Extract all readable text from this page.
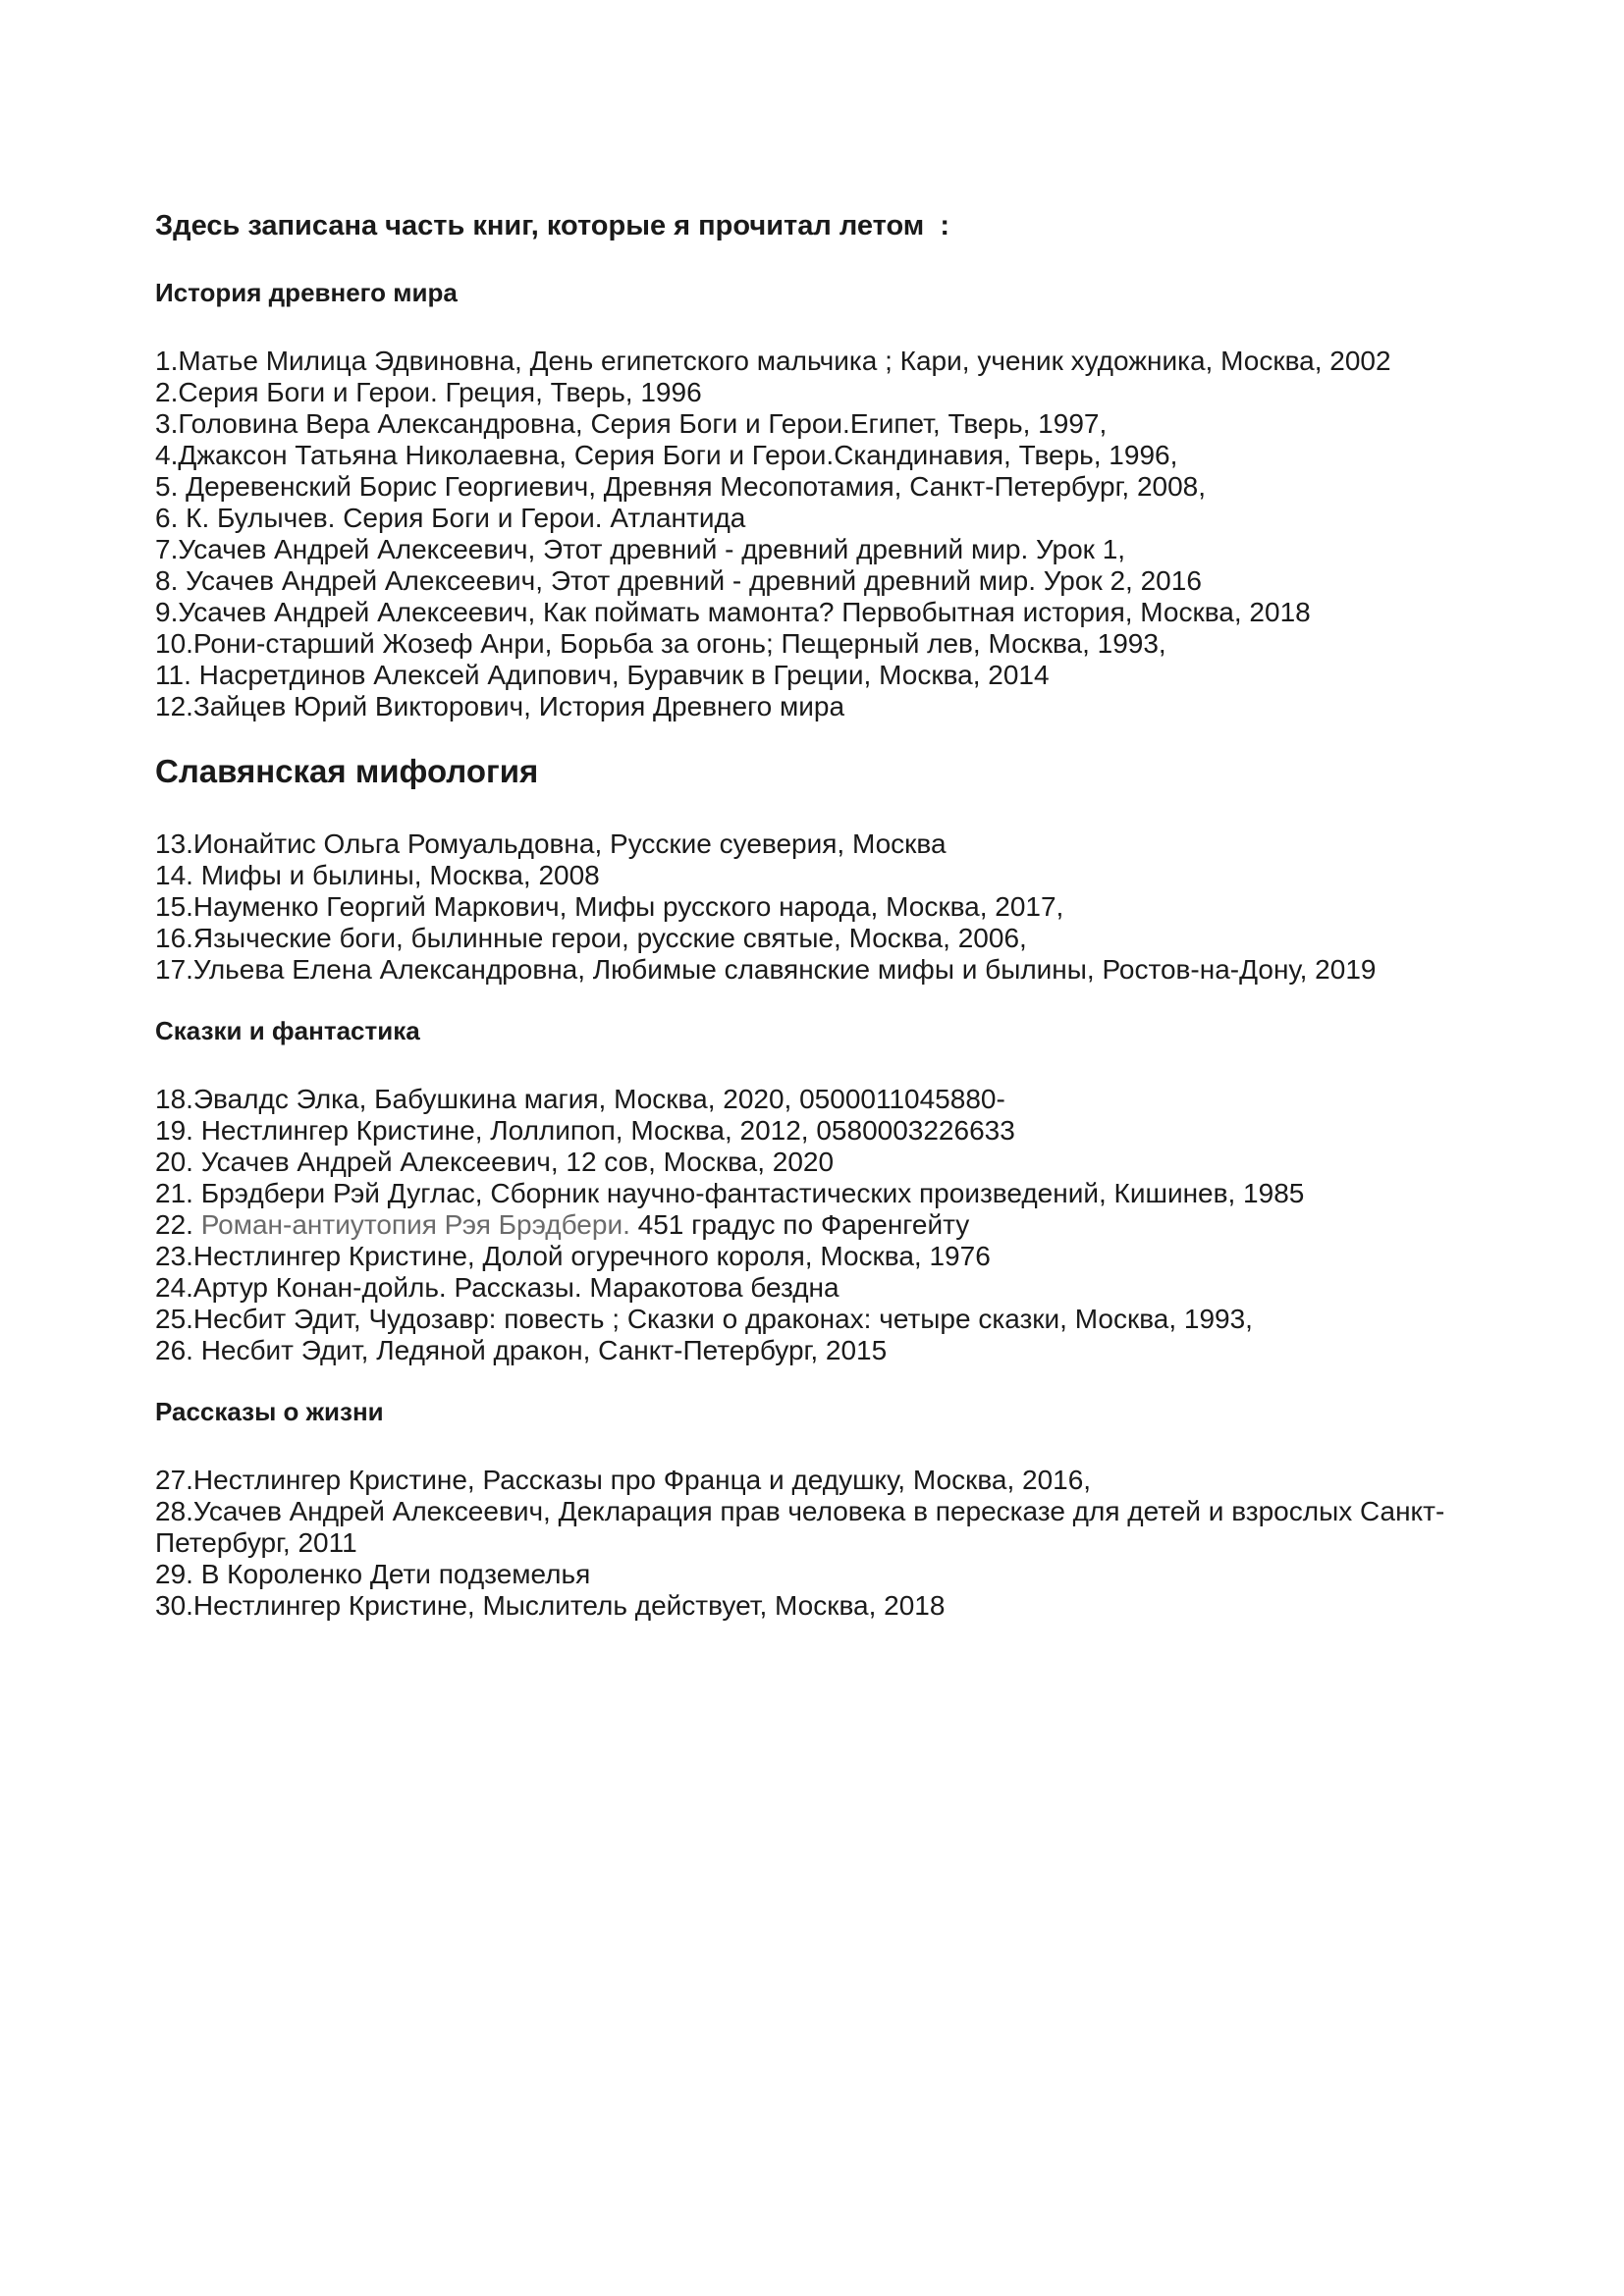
Здесь записана часть книг, которые я прочитал летом  :
История древнего мира
1.Матье Милица Эдвиновна, День египетского мальчика ; Кари, ученик художника, Москва, 2002
2.Серия Боги и Герои. Греция, Тверь, 1996
3.Головина Вера Александровна, Серия Боги и Герои.Египет, Тверь, 1997,
4.Джаксон Татьяна Николаевна, Серия Боги и Герои.Скандинавия, Тверь, 1996,
5. Деревенский Борис Георгиевич, Древняя Месопотамия, Санкт-Петербург, 2008,
6. К. Булычев. Серия Боги и Герои. Атлантида
7.Усачев Андрей Алексеевич, Этот древний - древний древний мир. Урок 1,
8. Усачев Андрей Алексеевич, Этот древний - древний древний мир. Урок 2, 2016
9.Усачев Андрей Алексеевич, Как поймать мамонта? Первобытная история, Москва, 2018
10.Рони-старший Жозеф Анри, Борьба за огонь; Пещерный лев, Москва, 1993,
11. Насретдинов Алексей Адипович, Буравчик в Греции, Москва, 2014
12.Зайцев Юрий Викторович, История Древнего мира
Славянская мифология
13.Ионайтис Ольга Ромуальдовна, Русские суеверия, Москва
14. Мифы и былины, Москва, 2008
15.Науменко Георгий Маркович, Мифы русского народа, Москва, 2017,
16.Языческие боги, былинные герои, русские святые, Москва, 2006,
17.Ульева Елена Александровна, Любимые славянские мифы и былины, Ростов-на-Дону, 2019
Сказки и фантастика
18.Эвалдс Элка, Бабушкина магия, Москва, 2020, 0500011045880-
19. Нестлингер Кристине, Лоллипоп, Москва, 2012, 0580003226633
20. Усачев Андрей Алексеевич, 12 сов, Москва, 2020
21. Брэдбери Рэй Дуглас, Сборник научно-фантастических произведений, Кишинев, 1985
22. Роман-антиутопия Рэя Брэдбери. 451 градус по Фаренгейту
23.Нестлингер Кристине, Долой огуречного короля, Москва, 1976
24.Артур Конан-дойль. Рассказы. Маракотова бездна
25.Несбит Эдит, Чудозавр: повесть ; Сказки о драконах: четыре сказки, Москва, 1993,
26. Несбит Эдит, Ледяной дракон, Санкт-Петербург, 2015
Рассказы о жизни
27.Нестлингер Кристине, Рассказы про Франца и дедушку, Москва, 2016,
28.Усачев Андрей Алексеевич, Декларация прав человека в пересказе для детей и взрослых Санкт-Петербург, 2011
29. В Короленко Дети подземелья
30.Нестлингер Кристине, Мыслитель действует, Москва, 2018
